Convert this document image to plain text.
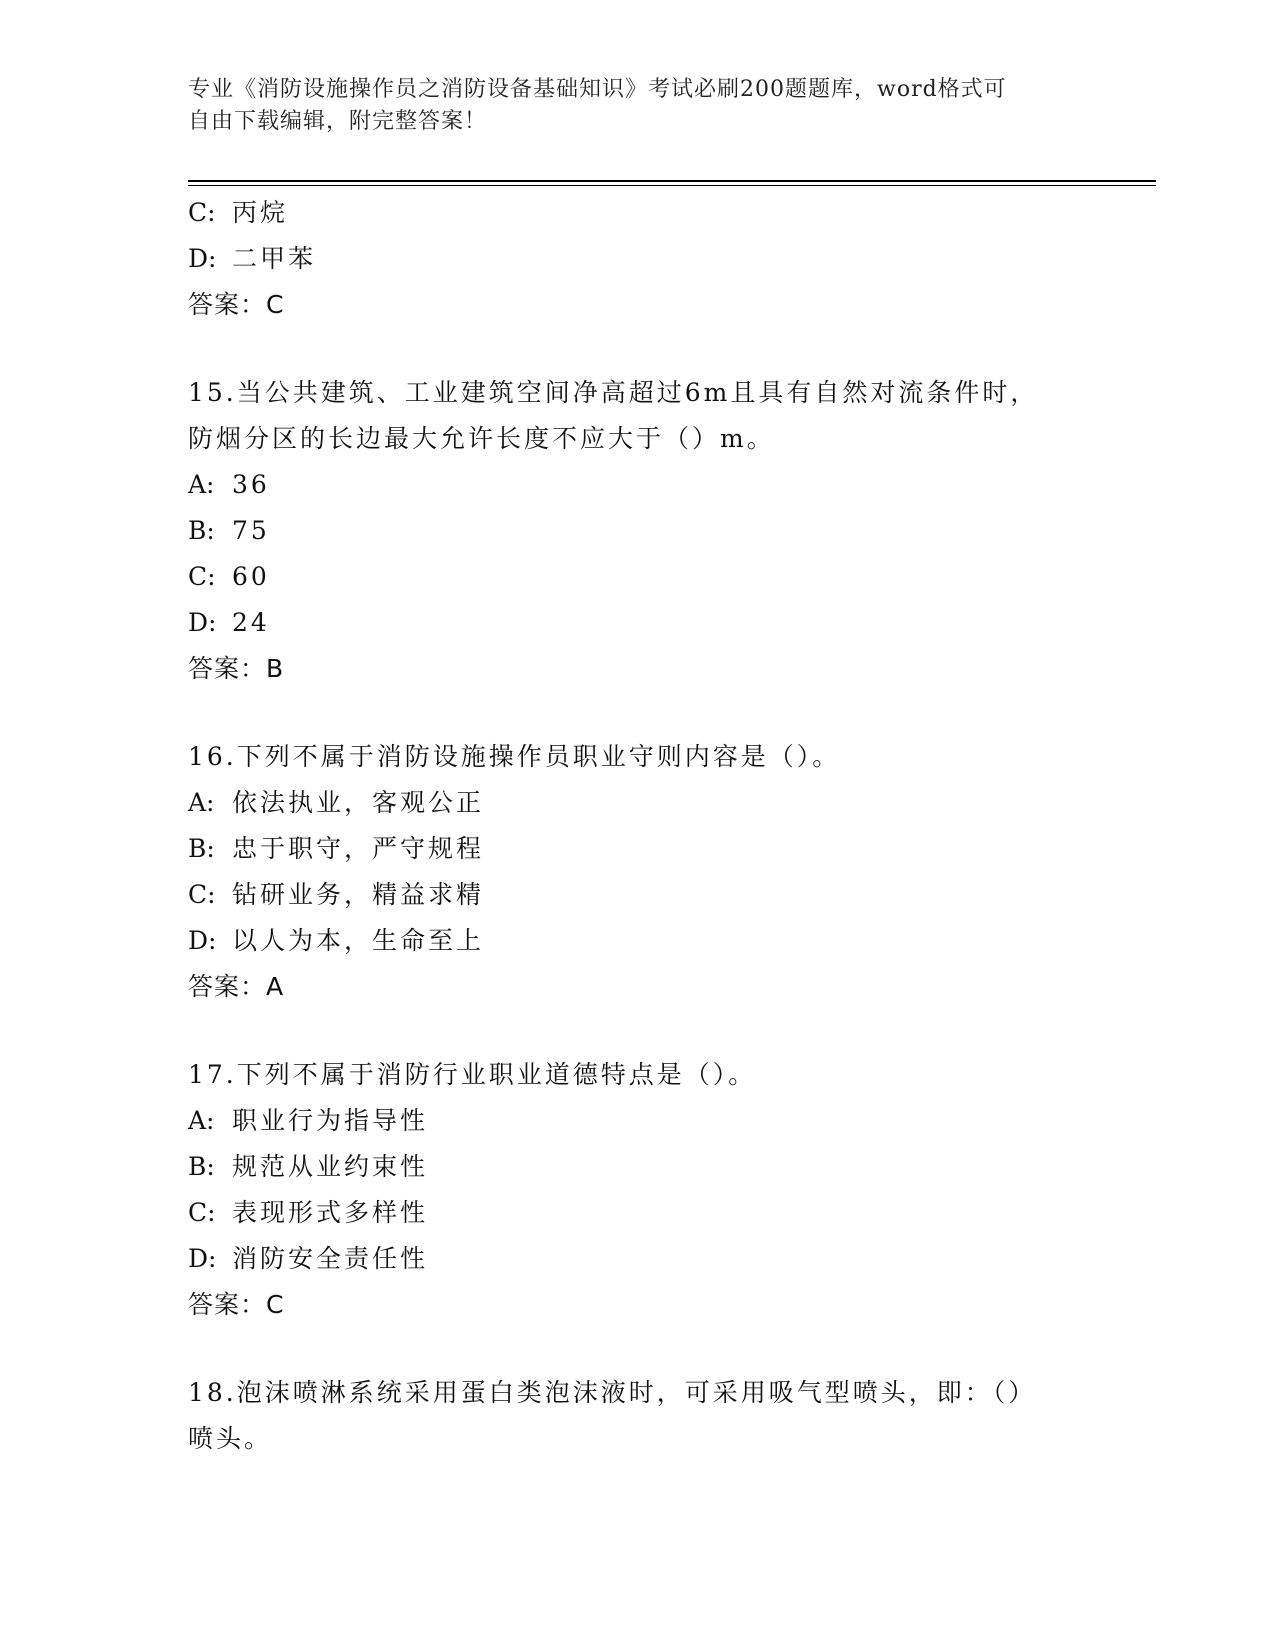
专业《消防设施操作员之消防设备基础知识》考试必刷200题题库，word格式可
自由下载编辑，附完整答案！
C: 丙烷
D: 二甲苯
答案：C
15.当公共建筑、工业建筑空间净高超过6m且具有自然对流条件时，
防烟分区的长边最大允许长度不应大于（）m。
A: 36
B: 75
C: 60
D: 24
答案：B
16.下列不属于消防设施操作员职业守则内容是（）。
A: 依法执业，客观公正
B: 忠于职守，严守规程
C: 钻研业务，精益求精
D: 以人为本，生命至上
答案：A
17.下列不属于消防行业职业道德特点是（）。
A: 职业行为指导性
B: 规范从业约束性
C: 表现形式多样性
D: 消防安全责任性
答案：C
18.泡沫喷淋系统采用蛋白类泡沫液时，可采用吸气型喷头，即：（）
喷头。
